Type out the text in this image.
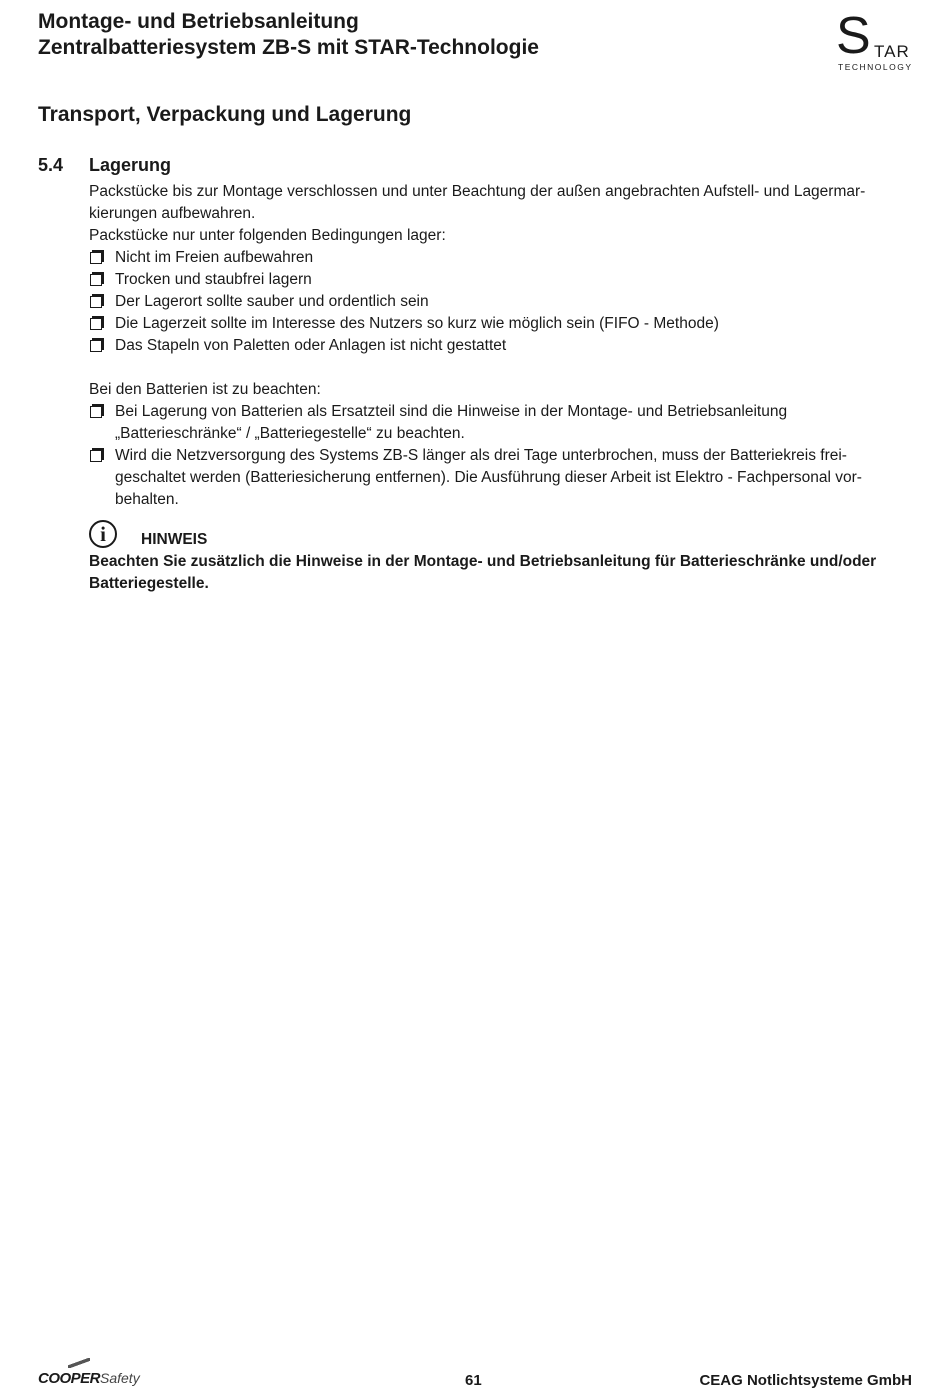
Montage- und Betriebsanleitung
Zentralbatteriesystem ZB-S mit STAR-Technologie	S TAR
TECHNOLOGY
Transport, Verpackung und Lagerung
5.4 Lagerung

Packstücke bis zur Montage verschlossen und unter Beachtung der außen angebrachten Aufstell- und Lagermar-kierungen aufbewahren.

Packstücke nur unter folgenden Bedingungen lager:

Nicht im Freien aufbewahren
Trocken und staubfrei lagern
Der Lagerort sollte sauber und ordentlich sein
Die Lagerzeit sollte im Interesse des Nutzers so kurz wie möglich sein (FIFO - Methode)
Das Stapeln von Paletten oder Anlagen ist nicht gestattet

Bei den Batterien ist zu beachten:

Bei Lagerung von Batterien als Ersatzteil sind die Hinweise in der Montage- und Betriebsanleitung „Batterieschränke“ / „Batteriegestelle“ zu beachten.
Wird die Netzversorgung des Systems ZB-S länger als drei Tage unterbrochen, muss der Batteriekreis frei-geschaltet werden (Batteriesicherung entfernen). Die Ausführung dieser Arbeit ist Elektro - Fachpersonal vor-behalten.
i	HINWEIS
Beachten Sie zusätzlich die Hinweise in der Montage- und Betriebsanleitung für Batterieschränke und/oder Batteriegestelle.
COOPER Safety	61	CEAG Notlichtsysteme GmbH
